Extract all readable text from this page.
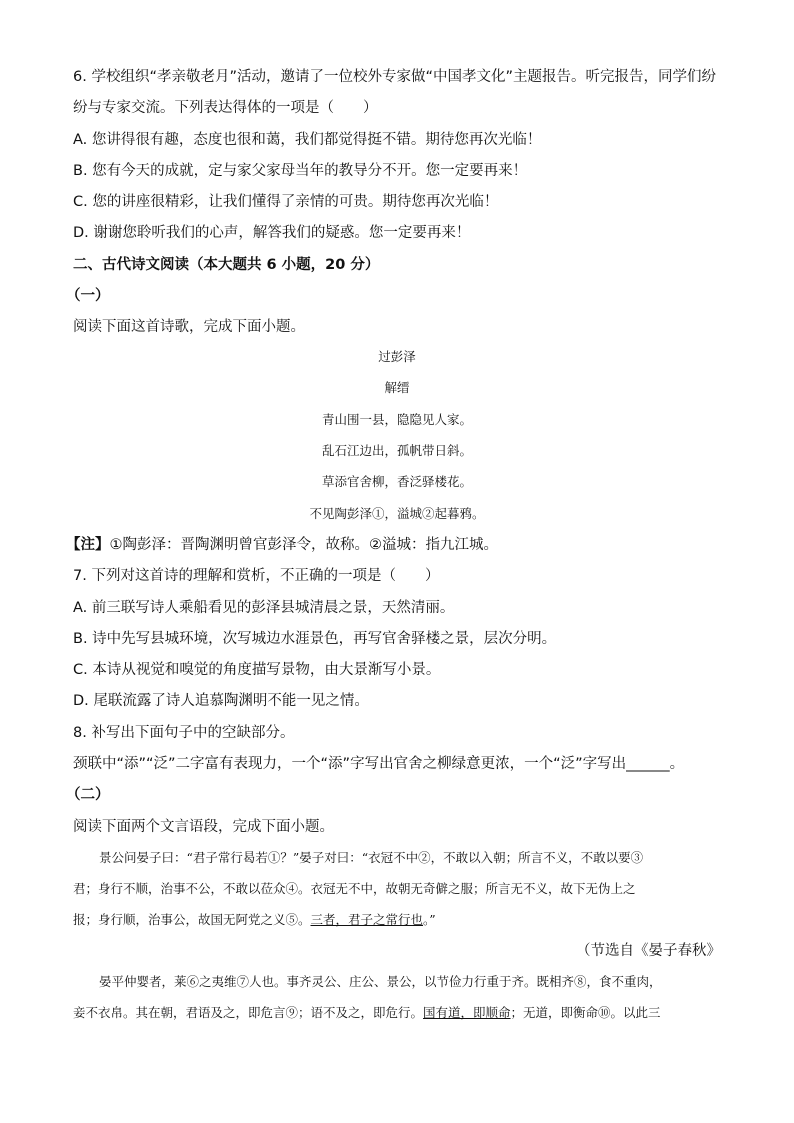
6. 学校组织“孝亲敬老月”活动，邀请了一位校外专家做“中国孝文化”主题报告。听完报告，同学们纷
纷与专家交流。下列表达得体的一项是（　　）
A. 您讲得很有趣，态度也很和蔼，我们都觉得挺不错。期待您再次光临！
B. 您有今天的成就，定与家父家母当年的教导分不开。您一定要再来！
C. 您的讲座很精彩，让我们懂得了亲情的可贵。期待您再次光临！
D. 谢谢您聆听我们的心声，解答我们的疑惑。您一定要再来！
二、古代诗文阅读（本大题共 6 小题，20 分）
（一）
阅读下面这首诗歌，完成下面小题。
过彭泽
解缙
青山围一县，隐隐见人家。
乱石江边出，孤帆带日斜。
草添官舍柳，香泛驿楼花。
不见陶彭泽①，溢城②起暮鸦。
【注】①陶彭泽：晋陶渊明曾官彭泽令，故称。②溢城：指九江城。
7. 下列对这首诗的理解和赏析，不正确的一项是（　　）
A. 前三联写诗人乘船看见的彭泽县城清晨之景，天然清丽。
B. 诗中先写县城环境，次写城边水涯景色，再写官舍驿楼之景，层次分明。
C. 本诗从视觉和嗅觉的角度描写景物，由大景渐写小景。
D. 尾联流露了诗人追慕陶渊明不能一见之情。
8. 补写出下面句子中的空缺部分。
颈联中“添”“泛”二字富有表现力，一个“添”字写出官舍之柳绿意更浓，一个“泛”字写出______。
（二）
阅读下面两个文言语段，完成下面小题。
景公问晏子曰：“君子常行曷若①？”晏子对曰：“衣冠不中②，不敢以入朝；所言不义，不敢以要③
君；身行不顺，治事不公，不敢以莅众④。衣冠无不中，故朝无奇僻之服；所言无不义，故下无伪上之
报；身行顺，治事公，故国无阿党之义⑤。三者，君子之常行也。”
（节选自《晏子春秋》
晏平仲婴者，莱⑥之夷维⑦人也。事齐灵公、庄公、景公，以节俭力行重于齐。既相齐⑧，食不重肉，
妾不衣帛。其在朝，君语及之，即危言⑨；语不及之，即危行。国有道，即顺命；无道，即衡命⑩。以此三
